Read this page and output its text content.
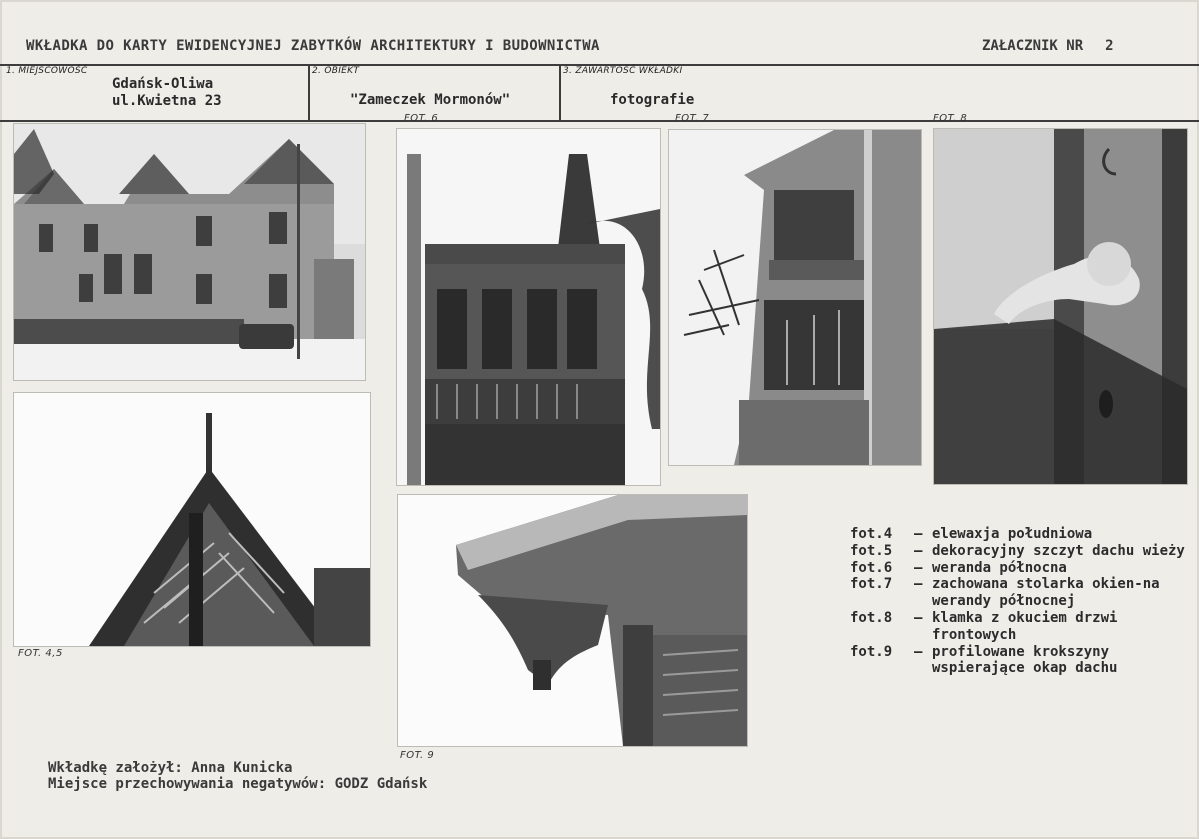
WKŁADKA DO KARTY EWIDENCYJNEJ ZABYTKÓW ARCHITEKTURY I BUDOWNICTWA	ZAŁACZNIK NR 2
1. MIEJSCOWOŚĆ
Gdańsk-Oliwa
ul.Kwietna 23
2. OBIEKT
"Zameczek Mormonów"
3. ZAWARTOŚĆ WKŁADKI
fotografie
FOT. 4,5
FOT. 6	FOT. 7	FOT. 8
FOT. 9
fot.4	– elewaxja południowa
fot.5	– dekoracyjny szczyt dachu wieży
fot.6	– weranda północna
fot.7	– zachowana stolarka okien-na werandy północnej
fot.8	– klamka z okuciem drzwi frontowych
fot.9	– profilowane krokszyny wspierające okap dachu
Wkładkę założył: Anna Kunicka
Miejsce przechowywania negatywów: GODZ Gdańsk
